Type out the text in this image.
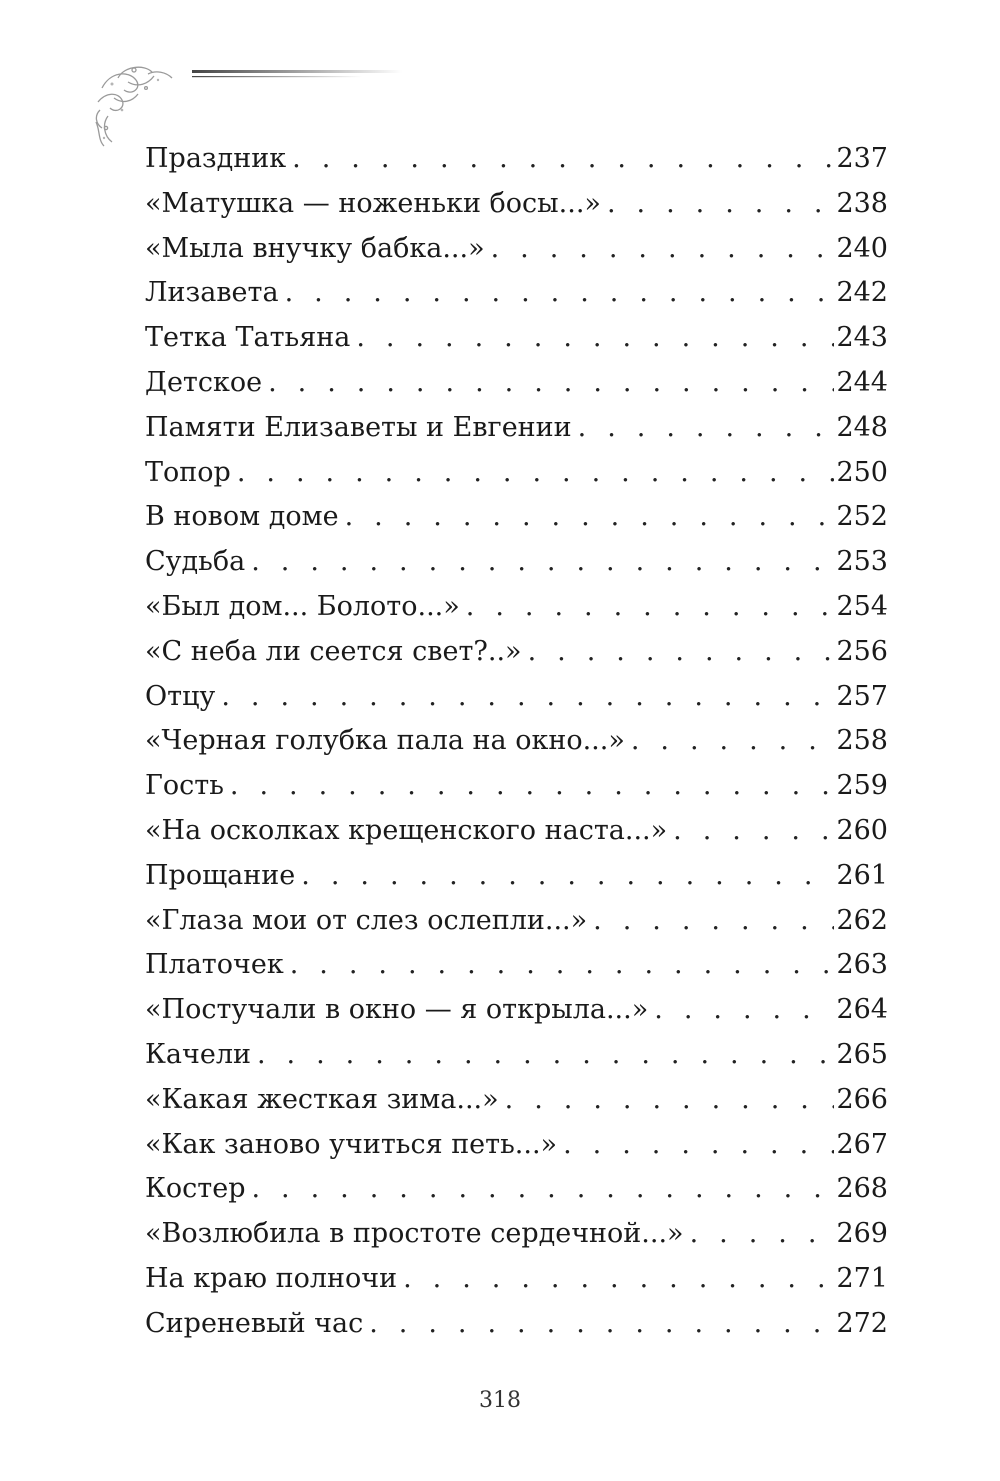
Праздник . . .	237
«Матушка — ноженьки босы...» . . .	238
«Мыла внучку бабка...» . . .	240
Лизавета . . .	242
Тетка Татьяна . . .	243
Детское . . .	244
Памяти Елизаветы и Евгении . . .	248
Топор . . .	250
В новом доме . . .	252
Судьба . . .	253
«Был дом... Болото...» . . .	254
«С неба ли сеется свет?..» . . .	256
Отцу . . .	257
«Черная голубка пала на окно...» . . .	258
Гость . . .	259
«На осколках крещенского наста...» . . .	260
Прощание . . .	261
«Глаза мои от слез ослепли...» . . .	262
Платочек . . .	263
«Постучали в окно — я открыла...» . . .	264
Качели . . .	265
«Какая жесткая зима...» . . .	266
«Как заново учиться петь...» . . .	267
Костер . . .	268
«Возлюбила в простоте сердечной...» . . .	269
На краю полночи . . .	271
Сиреневый час . . .	272
318
